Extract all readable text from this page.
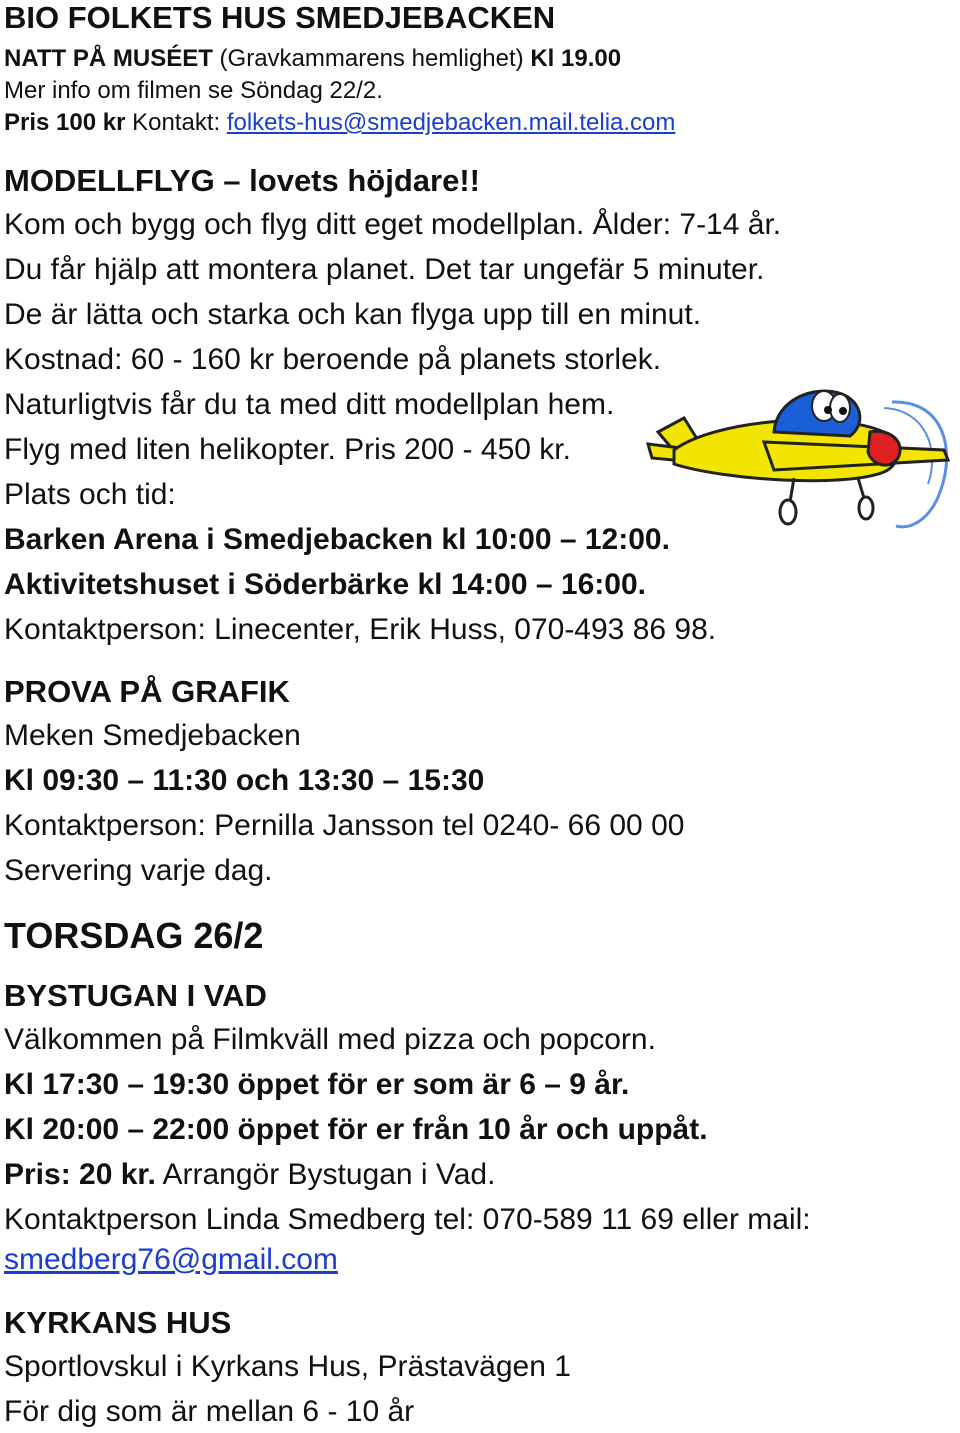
BIO FOLKETS HUS SMEDJEBACKEN
NATT PÅ MUSÉET (Gravkammarens hemlighet) Kl 19.00
Mer info om filmen se Söndag 22/2.
Pris 100 kr Kontakt: folkets-hus@smedjebacken.mail.telia.com
MODELLFLYG – lovets höjdare!!
Kom och bygg och flyg ditt eget modellplan. Ålder: 7-14 år.
Du får hjälp att montera planet. Det tar ungefär 5 minuter.
De är lätta och starka och kan flyga upp till en minut.
Kostnad: 60 - 160 kr beroende på planets storlek.
Naturligtvis får du ta med ditt modellplan hem.
Flyg med liten helikopter. Pris 200 - 450 kr.
Plats och tid:
Barken Arena i Smedjebacken kl 10:00 – 12:00.
Aktivitetshuset i Söderbärke kl 14:00 – 16:00.
Kontaktperson: Linecenter, Erik Huss, 070-493 86 98.
PROVA PÅ GRAFIK
Meken Smedjebacken
Kl 09:30 – 11:30 och 13:30 – 15:30
Kontaktperson: Pernilla Jansson tel 0240- 66 00 00
Servering varje dag.
TORSDAG 26/2
BYSTUGAN I VAD
Välkommen på Filmkväll med pizza och popcorn.
Kl 17:30 – 19:30 öppet för er som är 6 – 9 år.
Kl 20:00 – 22:00 öppet för er från 10 år och uppåt.
Pris: 20 kr. Arrangör Bystugan i Vad.
Kontaktperson Linda Smedberg tel: 070-589 11 69 eller mail:
smedberg76@gmail.com
KYRKANS HUS
Sportlovskul i Kyrkans Hus, Prästavägen 1
För dig som är mellan 6 - 10 år
